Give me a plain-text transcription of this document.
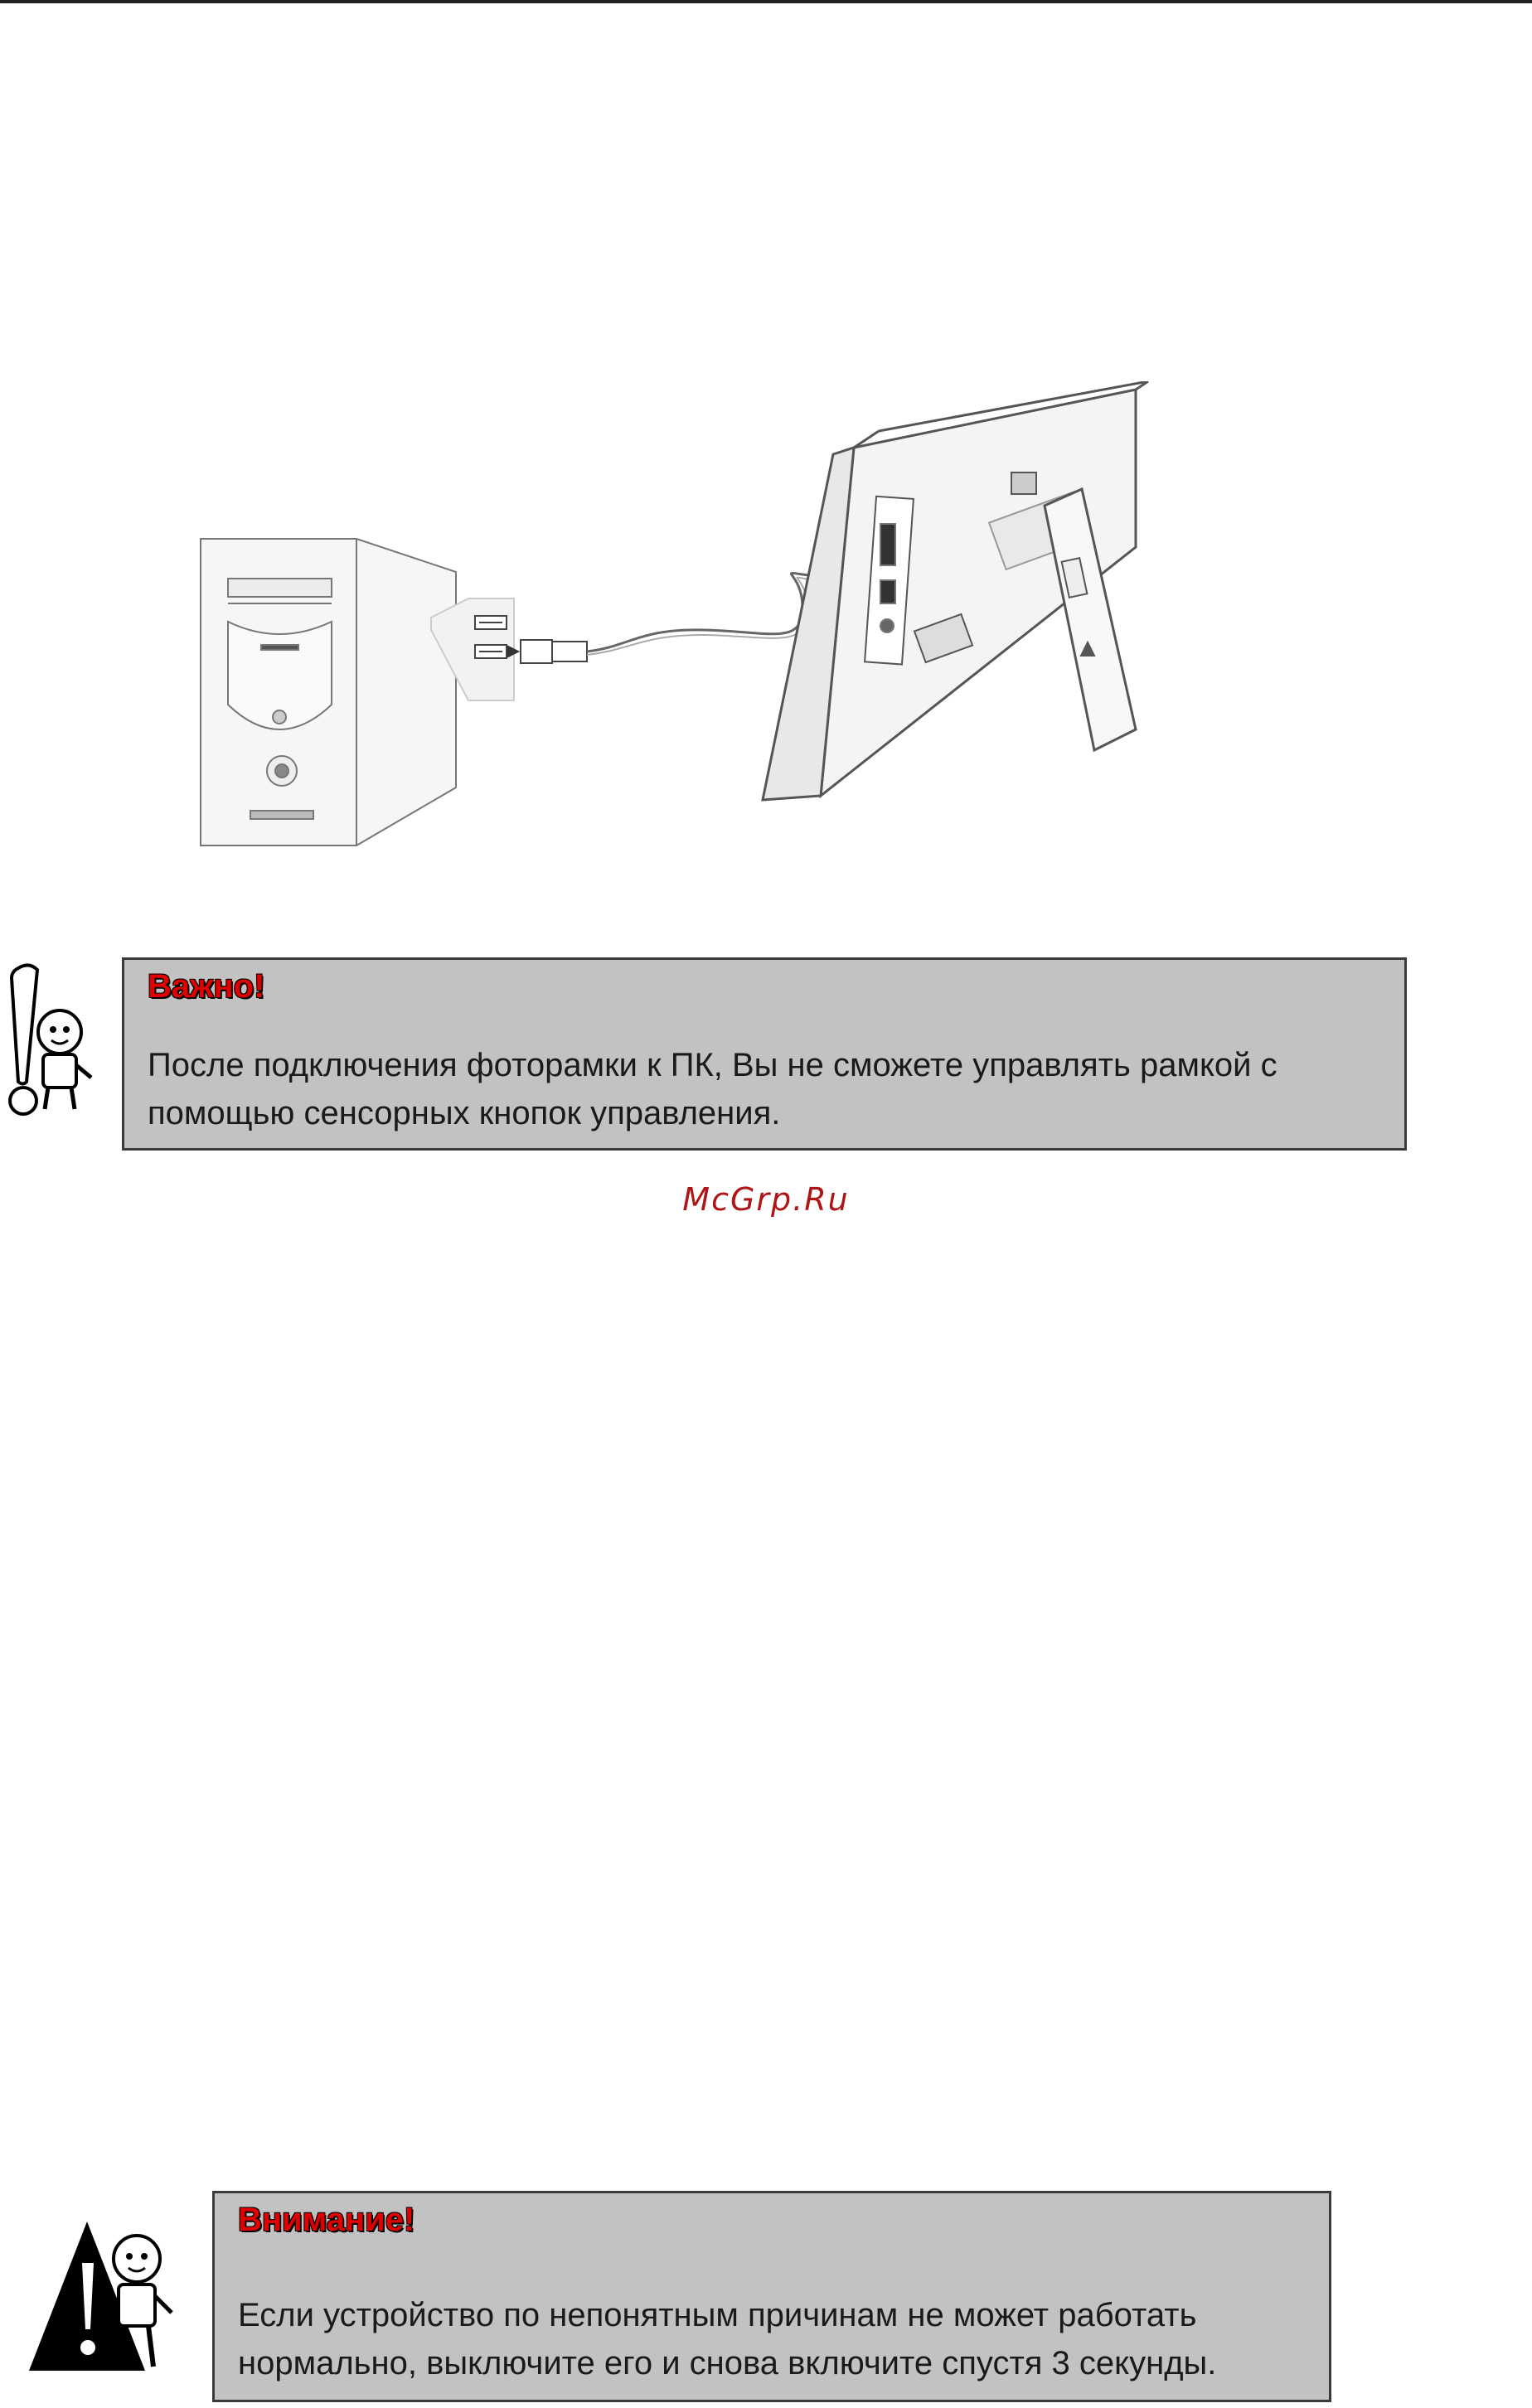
Важно!
После подключения фоторамки к ПК, Вы не сможете управлять рамкой с
помощью сенсорных кнопок управления.
McGrp.Ru
Внимание!
Если устройство по непонятным причинам не может работать
нормально, выключите его и снова включите спустя 3 секунды.
